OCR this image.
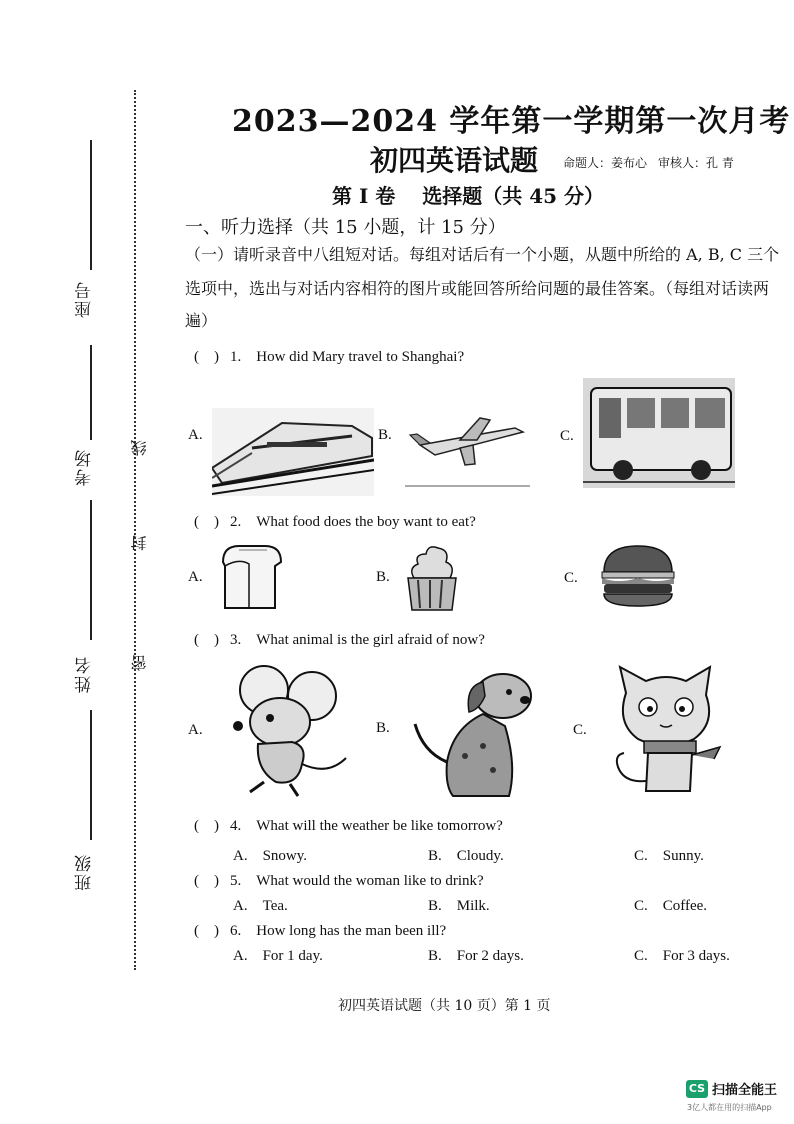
座号
考场
姓名
班级
线
封
密
2023—2024 学年第一学期第一次月考
初四英语试题 命题人：姜布心 审核人：孔 青
第 I 卷　 选择题（共 45 分）
一、听力选择（共 15 小题，计 15 分）
（一）请听录音中八组短对话。每组对话后有一个小题，从题中所给的 A, B, C 三个
选项中，选出与对话内容相符的图片或能回答所给问题的最佳答案。（每组对话读两
遍）
(　) 1.　How did Mary travel to Shanghai?
A.	B.	C.
(　) 2.　What food does the boy want to eat?
A.	B.	C.
(　) 3.　What animal is the girl afraid of now?
A.	B.	C.
(　) 4.　What will the weather be like tomorrow?
A.　Snowy.	B.　Cloudy.	C.　Sunny.
(　) 5.　What would the woman like to drink?
A.　Tea.	B.　Milk.	C.　Coffee.
(　) 6.　How long has the man been ill?
A.　For 1 day.	B.　For 2 days.	C.　For 3 days.
初四英语试题（共 10 页）第 1 页
CS 扫描全能王
3亿人都在用的扫描App
